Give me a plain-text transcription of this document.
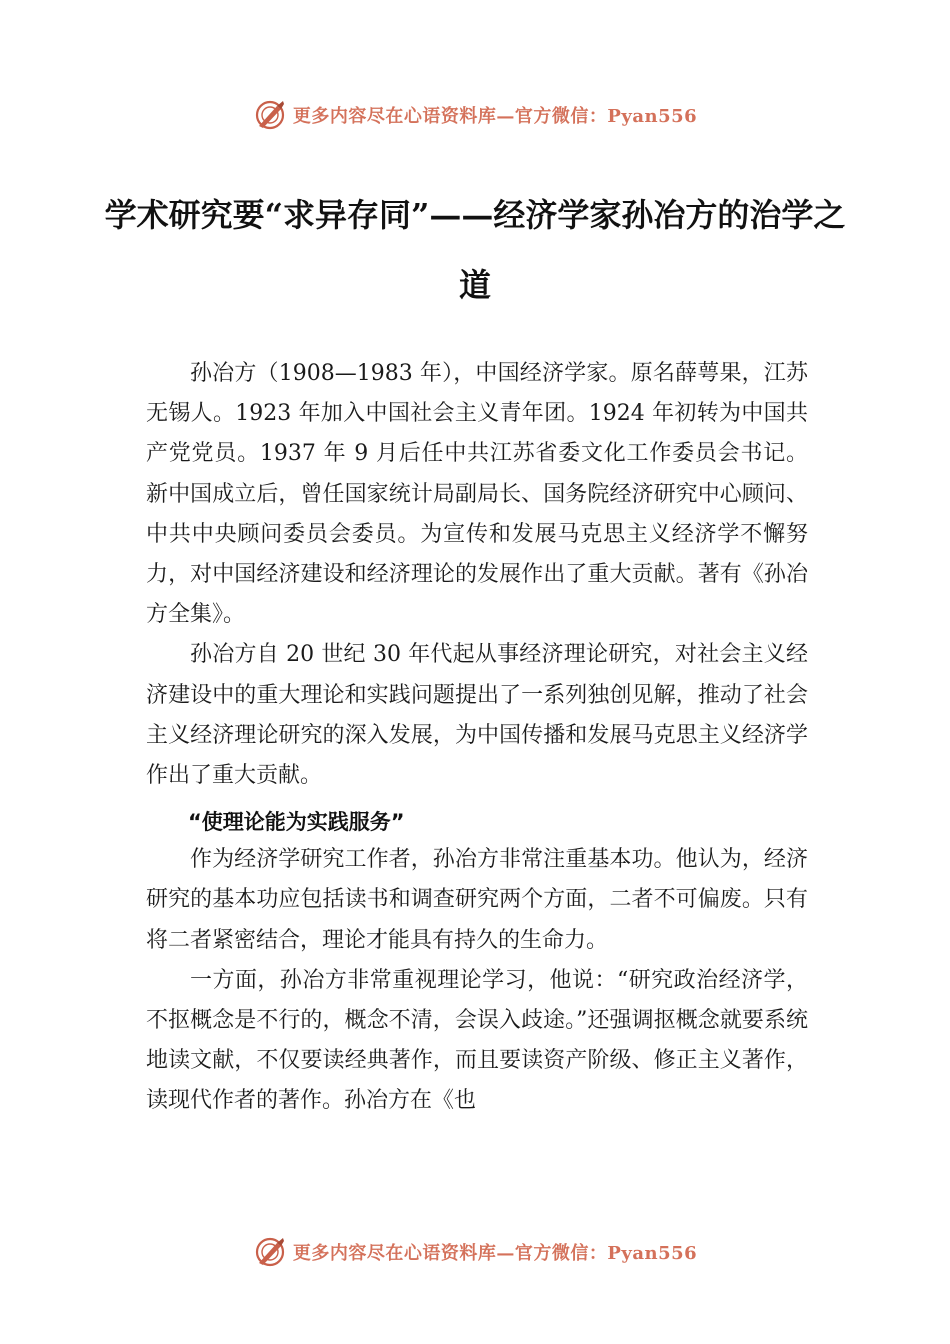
更多内容尽在心语资料库—官方微信：Pyan556
学术研究要“求异存同”——经济学家孙冶方的治学之道

孙冶方（1908—1983 年），中国经济学家。原名薛萼果，江苏无锡人。1923 年加入中国社会主义青年团。1924 年初转为中国共产党党员。1937 年 9 月后任中共江苏省委文化工作委员会书记。新中国成立后，曾任国家统计局副局长、国务院经济研究中心顾问、中共中央顾问委员会委员。为宣传和发展马克思主义经济学不懈努力，对中国经济建设和经济理论的发展作出了重大贡献。著有《孙冶方全集》。

孙冶方自 20 世纪 30 年代起从事经济理论研究，对社会主义经济建设中的重大理论和实践问题提出了一系列独创见解，推动了社会主义经济理论研究的深入发展，为中国传播和发展马克思主义经济学作出了重大贡献。

“使理论能为实践服务”

作为经济学研究工作者，孙冶方非常注重基本功。他认为，经济研究的基本功应包括读书和调查研究两个方面，二者不可偏废。只有将二者紧密结合，理论才能具有持久的生命力。

一方面，孙冶方非常重视理论学习，他说：“研究政治经济学，不抠概念是不行的，概念不清，会误入歧途。”还强调抠概念就要系统地读文献，不仅要读经典著作，而且要读资产阶级、修正主义著作，读现代作者的著作。孙冶方在《也

更多内容尽在心语资料库—官方微信：Pyan556
